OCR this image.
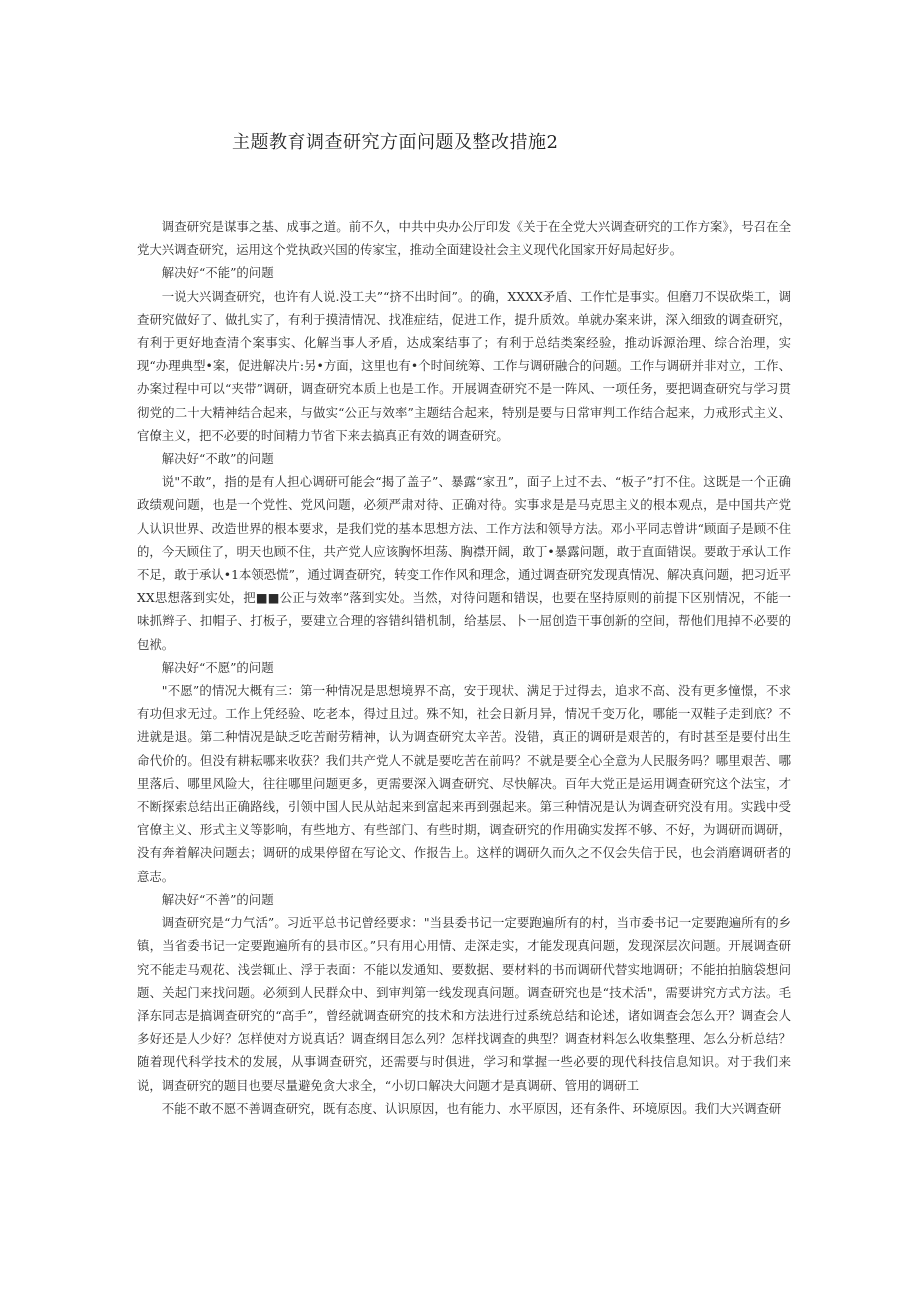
主题教育调查研究方面问题及整改措施2

调查研究是谋事之基、成事之道。前不久，中共中央办公厅印发《关于在全党大兴调查研究的工作方案》，号召在全党大兴调查研究，运用这个党执政兴国的传家宝，推动全面建设社会主义现代化国家开好局起好步。

解决好“不能”的问题

一说大兴调查研究，也许有人说.没工夫”“挤不出时间”。的确，XXXX矛盾、工作忙是事实。但磨刀不误砍柴工，调查研究做好了、做扎实了，有利于摸清情况、找准症结，促进工作，提升质效。单就办案来讲，深入细致的调查研究，有利于更好地查清个案事实、化解当事人矛盾，达成案结事了；有利于总结类案经验，推动诉源治理、综合治理，实现“办理典型•案，促进解决片:另•方面，这里也有•个时间统筹、工作与调研融合的问题。工作与调研并非对立，工作、办案过程中可以“夹带”调研，调查研究本质上也是工作。开展调查研究不是一阵风、一项任务，要把调查研究与学习贯彻党的二十大精神结合起来，与做实“公正与效率”主题结合起来，特别是要与日常审判工作结合起来，力戒形式主义、官僚主义，把不必要的时间精力节省下来去搞真正有效的调查研究。

解决好“不敢”的问题

说"不敢”，指的是有人担心调研可能会“揭了盖子”、暴露“家丑”，面子上过不去、“板子”打不住。这既是一个正确政绩观问题，也是一个党性、党风问题，必须严肃对待、正确对待。实事求是是马克思主义的根本观点，是中国共产党人认识世界、改造世界的根本要求，是我们党的基本思想方法、工作方法和领导方法。邓小平同志曾讲“顾面子是顾不住的，今天顾住了，明天也顾不住，共产党人应该胸怀坦荡、胸襟开阔，敢丁•暴露问题，敢于直面错误。要敢于承认工作不足，敢于承认•1本领恐慌”，通过调查研究，转变工作作风和理念，通过调查研究发现真情况、解决真问题，把习近平XX思想落到实处，把■■公正与效率”落到实处。当然，对待问题和错误，也要在坚持原则的前提下区别情况，不能一味抓辫子、扣帽子、打板子，要建立合理的容错纠错机制，给基层、卜一屈创造干事创新的空间，帮他们甩掉不必要的包袱。

解决好“不愿”的问题

"不愿”的情况大概有三：第一种情况是思想境界不高，安于现状、满足于过得去，追求不高、没有更多憧憬，不求有功但求无过。工作上凭经验、吃老本，得过且过。殊不知，社会日新月异，情况千变万化，哪能一双鞋子走到底？不进就是退。第二种情况是缺乏吃苦耐劳精神，认为调查研究太辛苦。没错，真正的调研是艰苦的，有时甚至是要付出生命代价的。但没有耕耘哪来收获？我们共产党人不就是要吃苦在前吗？不就是要全心全意为人民服务吗？哪里艰苦、哪里落后、哪里风险大，往往哪里问题更多，更需要深入调查研究、尽快解决。百年大党正是运用调查研究这个法宝，才不断探索总结出正确路线，引领中国人民从站起来到富起来再到强起来。第三种情况是认为调查研究没有用。实践中受官僚主义、形式主义等影响，有些地方、有些部门、有些时期，调查研究的作用确实发挥不够、不好，为调研而调研，没有奔着解决问题去；调研的成果停留在写论文、作报告上。这样的调研久而久之不仅会失信于民，也会消磨调研者的意志。

解决好“不善”的问题

调查研究是“力气活”。习近平总书记曾经要求："当县委书记一定要跑遍所有的村，当市委书记一定要跑遍所有的乡镇，当省委书记一定要跑遍所有的县市区。”只有用心用情、走深走实，才能发现真问题，发现深层次问题。开展调查研究不能走马观花、浅尝辄止、浮于表面：不能以发通知、要数据、要材料的书而调研代替实地调研；不能拍拍脑袋想问题、关起门来找问题。必须到人民群众中、到审判第一线发现真问题。调查研究也是“技术活"，需要讲究方式方法。毛泽东同志是搞调查研究的“高手”，曾经就调查研究的技术和方法进行过系统总结和论述，诸如调查会怎么开？调查会人多好还是人少好？怎样使对方说真话？调查纲目怎么列？怎样找调查的典型？调查材料怎么收集整理、怎么分析总结？随着现代科学技术的发展，从事调查研究，还需要与时俱进，学习和掌握一些必要的现代科技信息知识。对于我们来说，调查研究的题目也要尽量避免贪大求全，“小切口解决大问题才是真调研、管用的调研工

不能不敢不愿不善调查研究，既有态度、认识原因，也有能力、水平原因，还有条件、环境原因。我们大兴调查研
